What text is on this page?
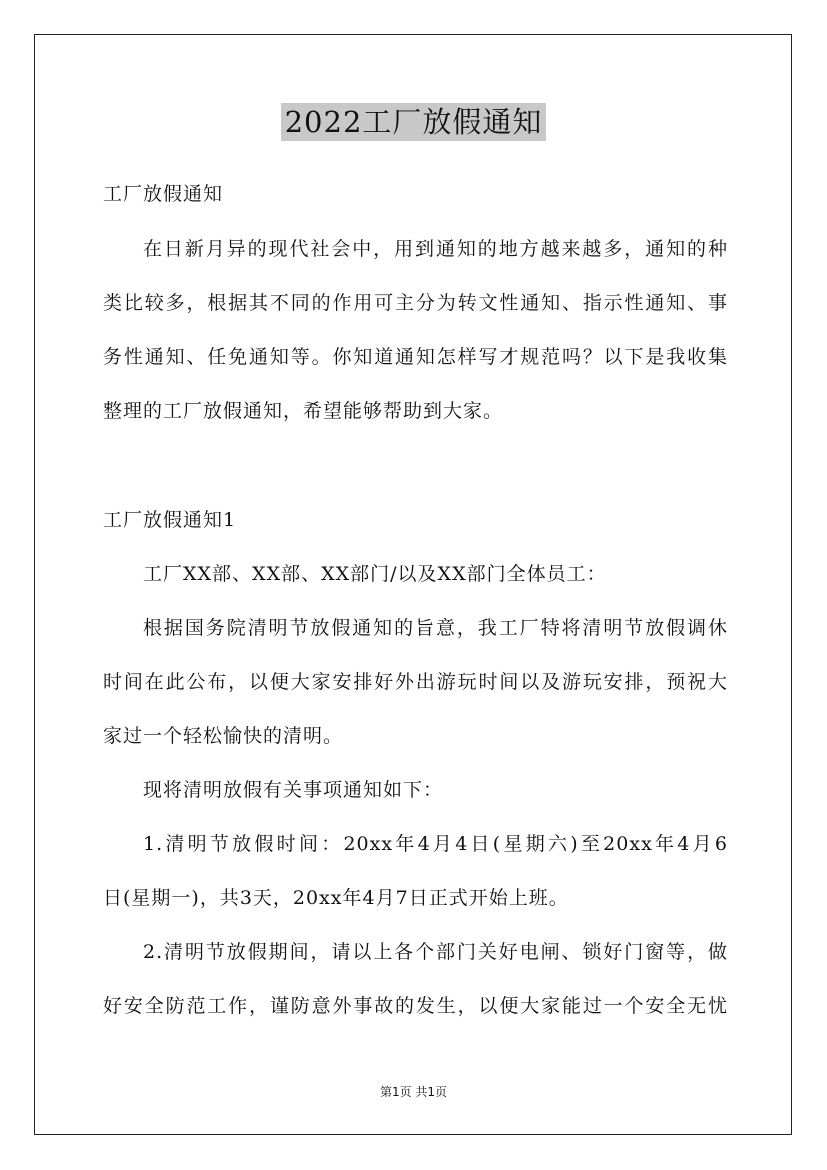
2022工厂放假通知
工厂放假通知
在日新月异的现代社会中，用到通知的地方越来越多，通知的种
类比较多，根据其不同的作用可主分为转文性通知、指示性通知、事
务性通知、任免通知等。你知道通知怎样写才规范吗？以下是我收集
整理的工厂放假通知，希望能够帮助到大家。
工厂放假通知1
工厂XX部、XX部、XX部门/以及XX部门全体员工：
根据国务院清明节放假通知的旨意，我工厂特将清明节放假调休
时间在此公布，以便大家安排好外出游玩时间以及游玩安排，预祝大
家过一个轻松愉快的清明。
现将清明放假有关事项通知如下：
1.清明节放假时间：20xx年4月4日(星期六)至20xx年4月6
日(星期一)，共3天，20xx年4月7日正式开始上班。
2.清明节放假期间，请以上各个部门关好电闸、锁好门窗等，做
好安全防范工作，谨防意外事故的发生，以便大家能过一个安全无忧
第1页 共1页
